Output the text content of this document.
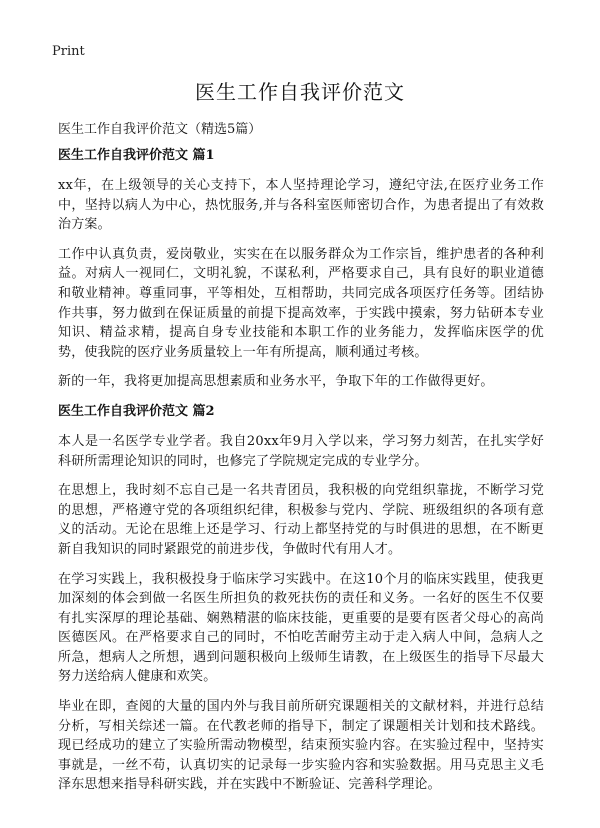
Print
医生工作自我评价范文

医生工作自我评价范文（精选5篇）

医生工作自我评价范文 篇1

xx年，在上级领导的关心支持下，本人坚持理论学习，遵纪守法,在医疗业务工作中，坚持以病人为中心，热忱服务,并与各科室医师密切合作，为患者提出了有效救治方案。

工作中认真负责，爱岗敬业，实实在在以服务群众为工作宗旨，维护患者的各种利益。对病人一视同仁，文明礼貌，不谋私利，严格要求自己，具有良好的职业道德和敬业精神。尊重同事，平等相处，互相帮助，共同完成各项医疗任务等。团结协作共事，努力做到在保证质量的前提下提高效率，于实践中摸索，努力钻研本专业知识、精益求精，提高自身专业技能和本职工作的业务能力，发挥临床医学的优势，使我院的医疗业务质量较上一年有所提高，顺利通过考核。

新的一年，我将更加提高思想素质和业务水平，争取下年的工作做得更好。

医生工作自我评价范文 篇2

本人是一名医学专业学者。我自20xx年9月入学以来，学习努力刻苦，在扎实学好科研所需理论知识的同时，也修完了学院规定完成的专业学分。

在思想上，我时刻不忘自己是一名共青团员，我积极的向党组织靠拢，不断学习党的思想，严格遵守党的各项组织纪律，积极参与党内、学院、班级组织的各项有意义的活动。无论在思维上还是学习、行动上都坚持党的与时俱进的思想，在不断更新自我知识的同时紧跟党的前进步伐，争做时代有用人才。

在学习实践上，我积极投身于临床学习实践中。在这10个月的临床实践里，使我更加深刻的体会到做一名医生所担负的救死扶伤的责任和义务。一名好的医生不仅要有扎实深厚的理论基础、娴熟精湛的临床技能，更重要的是要有医者父母心的高尚医德医风。在严格要求自己的同时，不怕吃苦耐劳主动于走入病人中间，急病人之所急，想病人之所想，遇到问题积极向上级师生请教，在上级医生的指导下尽最大努力送给病人健康和欢笑。

毕业在即，查阅的大量的国内外与我目前所研究课题相关的文献材料，并进行总结分析，写相关综述一篇。在代教老师的指导下，制定了课题相关计划和技术路线。现已经成功的建立了实验所需动物模型，结束预实验内容。在实验过程中，坚持实事就是，一丝不苟，认真切实的记录每一步实验内容和实验数据。用马克思主义毛泽东思想来指导科研实践，并在实践中不断验证、完善科学理论。
